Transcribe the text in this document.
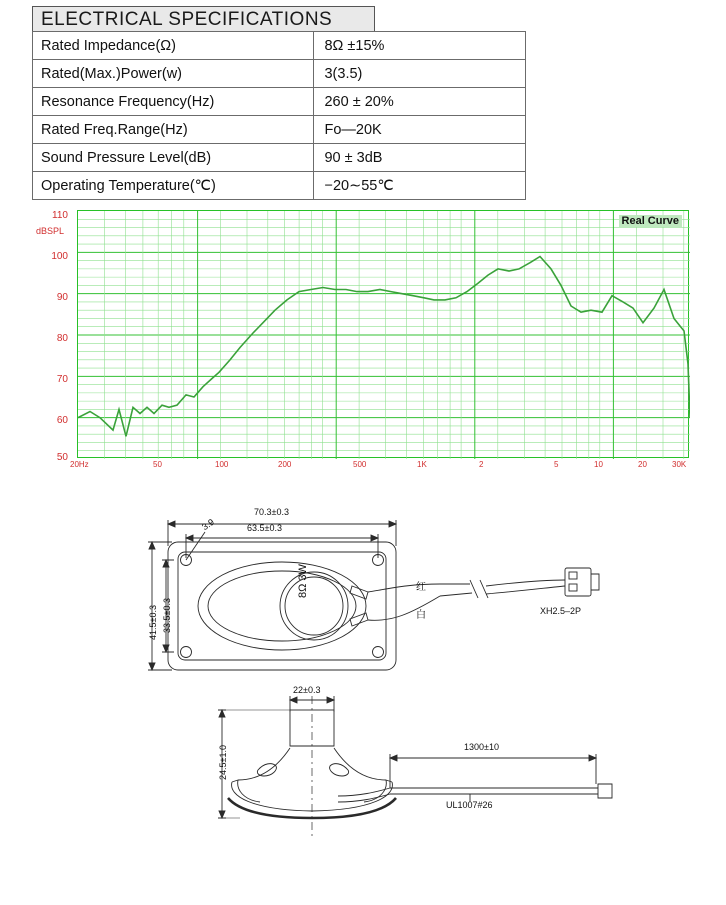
ELECTRICAL SPECIFICATIONS
Rated Impedance(Ω)	8Ω ±15%
Rated(Max.)Power(w)	3(3.5)
Resonance Frequency(Hz)	260 ± 20%
Rated Freq.Range(Hz)	Fo—20K
Sound Pressure Level(dB)	90 ± 3dB
Operating Temperature(℃)	−20∼55℃
dBSPL
110
100
90
80
70
60
50
Real Curve
20Hz	50	100	200	500	1K	2	5	10	20	30K
70.3±0.3
63.5±0.3
41.5±0.3 33.5±0.3
3.9
8Ω 3W	红
白	XH2.5–2P
24.5±1.0
22±0.3
1300±10
UL1007#26
